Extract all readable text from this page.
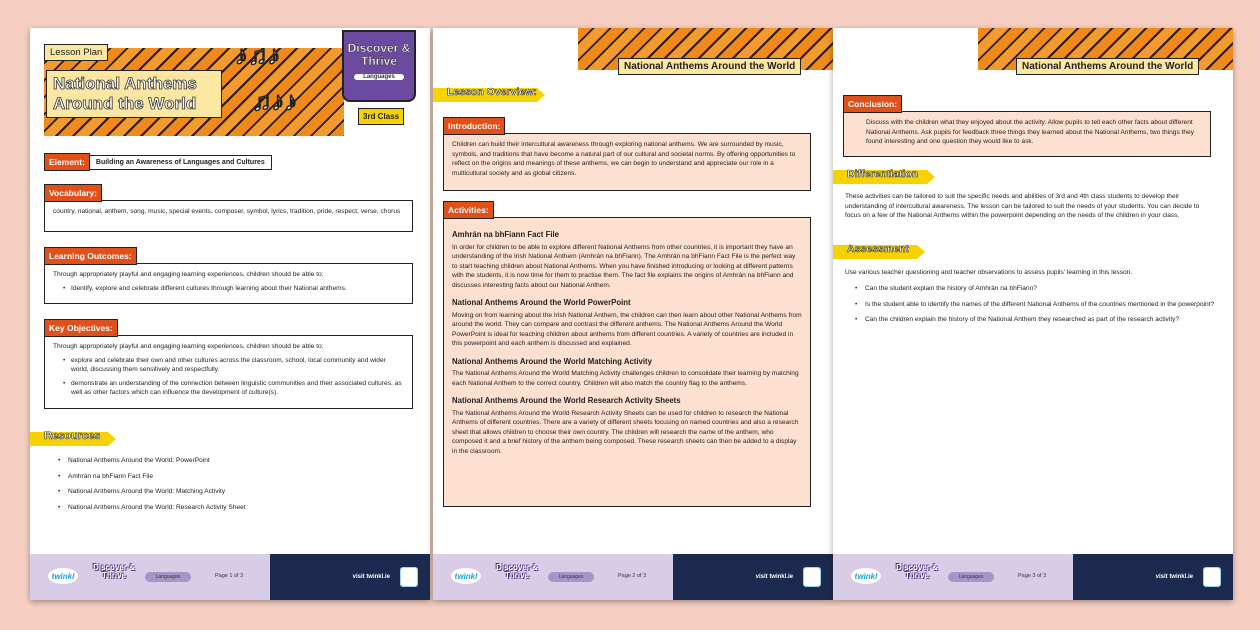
Lesson Plan
National Anthems Around the World
♪♫♪
♫♪♪
Discover & Thrive
Languages
3rd Class
Element:	Building an Awareness of Languages and Cultures
Vocabulary:
country, national, anthem, song, music, special events, composer, symbol, lyrics, tradition, pride, respect, verse, chorus
Learning Outcomes:
Through appropriately playful and engaging learning experiences, children should be able to:
• Identify, explore and celebrate different cultures through learning about their National anthems.
Key Objectives:
Through appropriately playful and engaging learning experiences, children should be able to:
• explore and celebrate their own and other cultures across the classroom, school, local community and wider world, discussing them sensitively and respectfully.
• demonstrate an understanding of the connection between linguistic communities and their associated cultures, as well as other factors which can influence the development of culture(s).
Resources
• National Anthems Around the World: PowerPoint
• Amhrán na bhFiann Fact File
• National Anthems Around the World: Matching Activity
• National Anthems Around the World: Research Activity Sheet
twinkl
Discover & Thrive	Languages	Page 1 of 3	visit twinkl.ie
National Anthems Around the World
Lesson Overview:
Introduction:
Children can build their intercultural awareness through exploring national anthems. We are surrounded by music, symbols, and traditions that have become a natural part of our cultural and societal norms. By offering opportunities to reflect on the origins and meanings of these anthems, we can begin to understand and appreciate our role in a multicultural society and as global citizens.
Activities:
Amhrán na bhFiann Fact File
In order for children to be able to explore different National Anthems from other countries, it is important they have an understanding of the Irish National Anthem (Amhrán na bhFiann). The Amhrán na bhFiann Fact File is the perfect way to start teaching children about National Anthems. When you have finished introducing or looking at different patterns with the students, it is now time for them to practise them. The fact file explains the origins of Amhrán na bhFiann and discusses interesting facts about our National Anthem.
National Anthems Around the World PowerPoint
Moving on from learning about the Irish National Anthem, the children can then learn about other National Anthems from around the world. They can compare and contrast the different anthems. The National Anthems Around the World PowerPoint is ideal for teaching children about anthems from different countries. A variety of countries are included in this powerpoint and each anthem is discussed and explained.
National Anthems Around the World Matching Activity
The National Anthems Around the World Matching Activity challenges children to consolidate their learning by matching each National Anthem to the correct country. Children will also match the country flag to the anthems.
National Anthems Around the World Research Activity Sheets
The National Anthems Around the World Research Activity Sheets can be used for children to research the National Anthems of different countries. There are a variety of different sheets focusing on named countries and also a research sheet that allows children to choose their own country. The children will research the name of the anthem, who composed it and a brief history of the anthem being composed. These research sheets can then be added to a display in the classroom.
twinkl
Discover & Thrive	Languages	Page 2 of 3	visit twinkl.ie
National Anthems Around the World
Conclusion:
Discuss with the children what they enjoyed about the activity. Allow pupils to tell each other facts about different National Anthems. Ask pupils for feedback three things they learned about the National Anthems, two things they found interesting and one question they would like to ask.
Differentiation
These activities can be tailored to suit the specific needs and abilities of 3rd and 4th class students to develop their understanding of intercultural awareness. The lesson can be tailored to suit the needs of your students. You can decide to focus on a few of the National Anthems within the powerpoint depending on the needs of the children in your class.
Assessment
Use various teacher questioning and teacher observations to assess pupils' learning in this lesson.
• Can the student explain the history of Amhrán na bhFiann?
• Is the student able to identify the names of the different National Anthems of the countries mentioned in the powerpoint?
• Can the children explain the history of the National Anthem they researched as part of the research activity?
twinkl
Discover & Thrive	Languages	Page 3 of 3	visit twinkl.ie
